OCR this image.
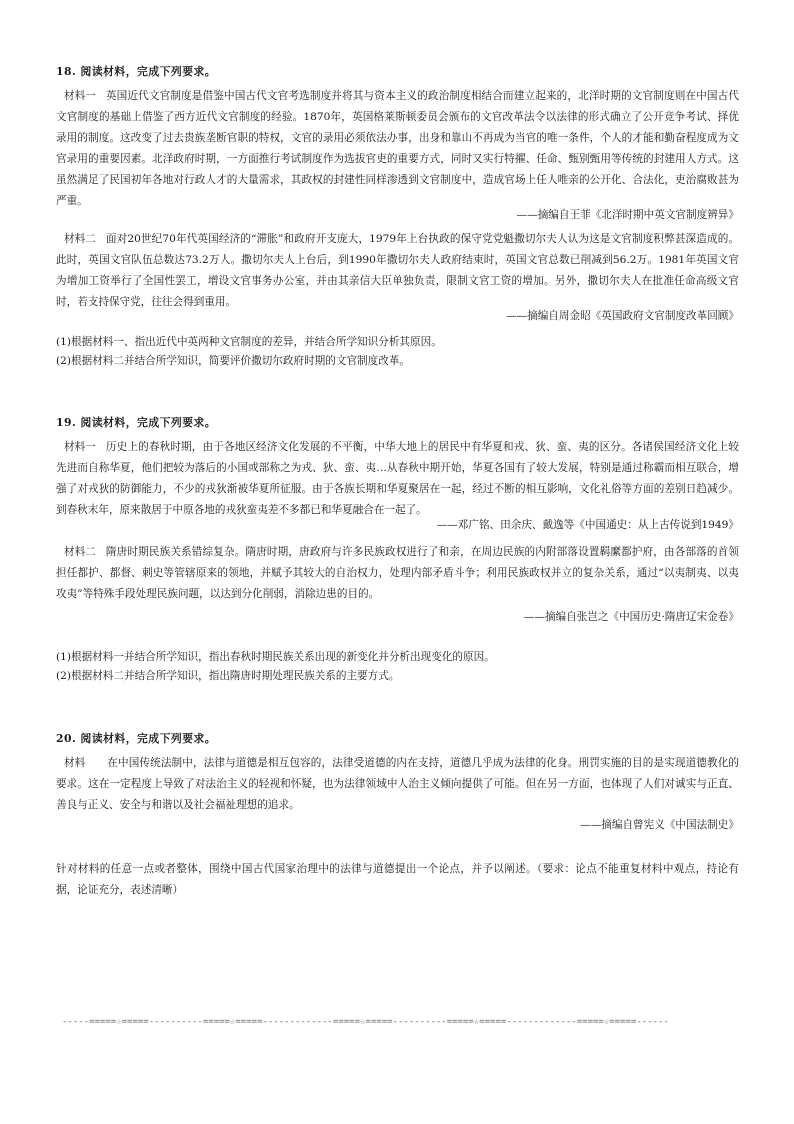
18. 阅读材料，完成下列要求。
材料一 英国近代文官制度是借鉴中国古代文官考选制度并将其与资本主义的政治制度相结合而建立起来的，北洋时期的文官制度则在中国古代文官制度的基础上借鉴了西方近代文官制度的经验。1870年，英国格莱斯顿委员会颁布的文官改革法令以法律的形式确立了公开竞争考试、择优录用的制度。这改变了过去贵族垄断官职的特权，文官的录用必须依法办事，出身和靠山不再成为当官的唯一条件，个人的才能和勤奋程度成为文官录用的重要因素。北洋政府时期，一方面推行考试制度作为选拔官吏的重要方式，同时又实行特擢、任命、甄别甄用等传统的封建用人方式。这虽然满足了民国初年各地对行政人才的大量需求，其政权的封建性同样渗透到文官制度中，造成官场上任人唯亲的公开化、合法化，吏治腐败甚为严重。
——摘编自王菲《北洋时期中英文官制度辨异》
材料二 面对20世纪70年代英国经济的“滞胀”和政府开支庞大，1979年上台执政的保守党党魁撒切尔夫人认为这是文官制度积弊甚深造成的。此时，英国文官队伍总数达73.2万人。撒切尔夫人上台后，到1990年撒切尔夫人政府结束时，英国文官总数已削减到56.2万。1981年英国文官为增加工资举行了全国性罢工，增设文官事务办公室，并由其亲信大臣单独负责，限制文官工资的增加。另外，撒切尔夫人在批准任命高级文官时，若支持保守党，往往会得到重用。
——摘编自周金昭《英国政府文官制度改革回顾》
(1)根据材料一、指出近代中英两种文官制度的差异，并结合所学知识分析其原因。
(2)根据材料二并结合所学知识，简要评价撒切尔政府时期的文官制度改革。
19. 阅读材料，完成下列要求。
材料一 历史上的春秋时期，由于各地区经济文化发展的不平衡，中华大地上的居民中有华夏和戎、狄、蛮、夷的区分。各诸侯国经济文化上较先进而自称华夏，他们把较为落后的小国或部称之为戎、狄、蛮、夷…从春秋中期开始，华夏各国有了较大发展，特别是通过称霸而相互联合，增强了对戎狄的防御能力，不少的戎狄渐被华夏所征服。由于各族长期和华夏聚居在一起，经过不断的相互影响，文化礼俗等方面的差别日趋减少。到春秋末年，原来散居于中原各地的戎狄蛮夷差不多都已和华夏融合在一起了。
——邓广铭、田余庆、戴逸等《中国通史：从上古传说到1949》
材料二 隋唐时期民族关系错综复杂。隋唐时期，唐政府与许多民族政权进行了和亲，在周边民族的内附部落设置羁縻都护府，由各部落的首领担任都护、都督、刺史等管辖原来的领地，并赋予其较大的自治权力，处理内部矛盾斗争；利用民族政权并立的复杂关系，通过“以夷制夷、以夷攻夷”等特殊手段处理民族问题，以达到分化削弱，消除边患的目的。
——摘编自张岂之《中国历史·隋唐辽宋金卷》
(1)根据材料一并结合所学知识，指出春秋时期民族关系出现的新变化并分析出现变化的原因。
(2)根据材料二并结合所学知识，指出隋唐时期处理民族关系的主要方式。
20. 阅读材料，完成下列要求。
材料 在中国传统法制中，法律与道德是相互包容的，法律受道德的内在支持，道德几乎成为法律的化身。刑罚实施的目的是实现道德教化的要求。这在一定程度上导致了对法治主义的轻视和怀疑，也为法律领域中人治主义倾向提供了可能。但在另一方面，也体现了人们对诚实与正直、善良与正义、安全与和谐以及社会福祉理想的追求。
——摘编自曾宪义《中国法制史》
针对材料的任意一点或者整体，围绕中国古代国家治理中的法律与道德提出一个论点，并予以阐述。（要求：论点不能重复材料中观点，持论有据，论证充分，表述清晰）
-----=====☆=====----------=====☆=====-------------=====☆=====----------=====☆=====-------------=====☆=====------
